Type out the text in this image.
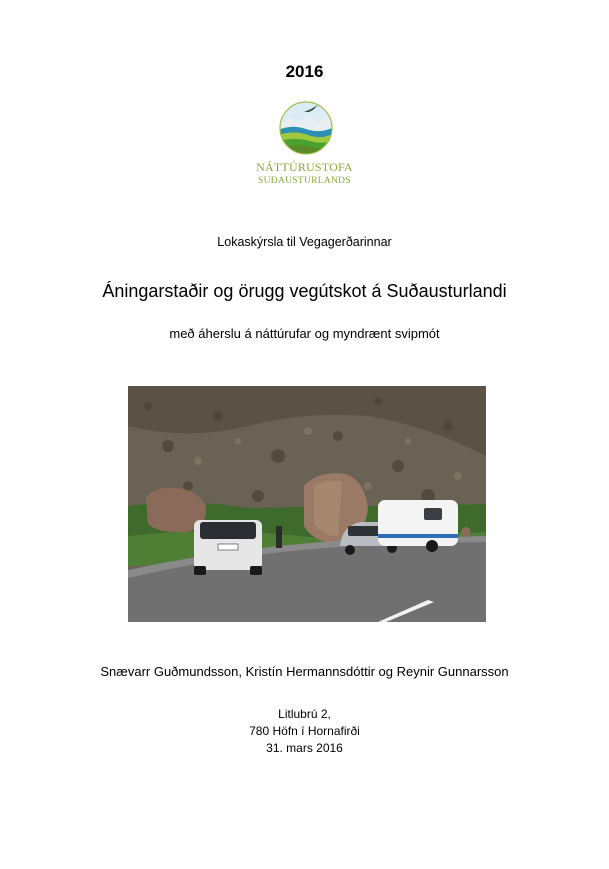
2016
NÁTTÚRUSTOFA
SUÐAUSTURLANDS
Lokaskýrsla til Vegagerðarinnar
Áningarstaðir og örugg vegútskot á Suðausturlandi
með áherslu á náttúrufar og myndrænt svipmót
Snævarr Guðmundsson, Kristín Hermannsdóttir og Reynir Gunnarsson
Litlubrú 2,
780 Höfn í Hornafirði
31. mars 2016
